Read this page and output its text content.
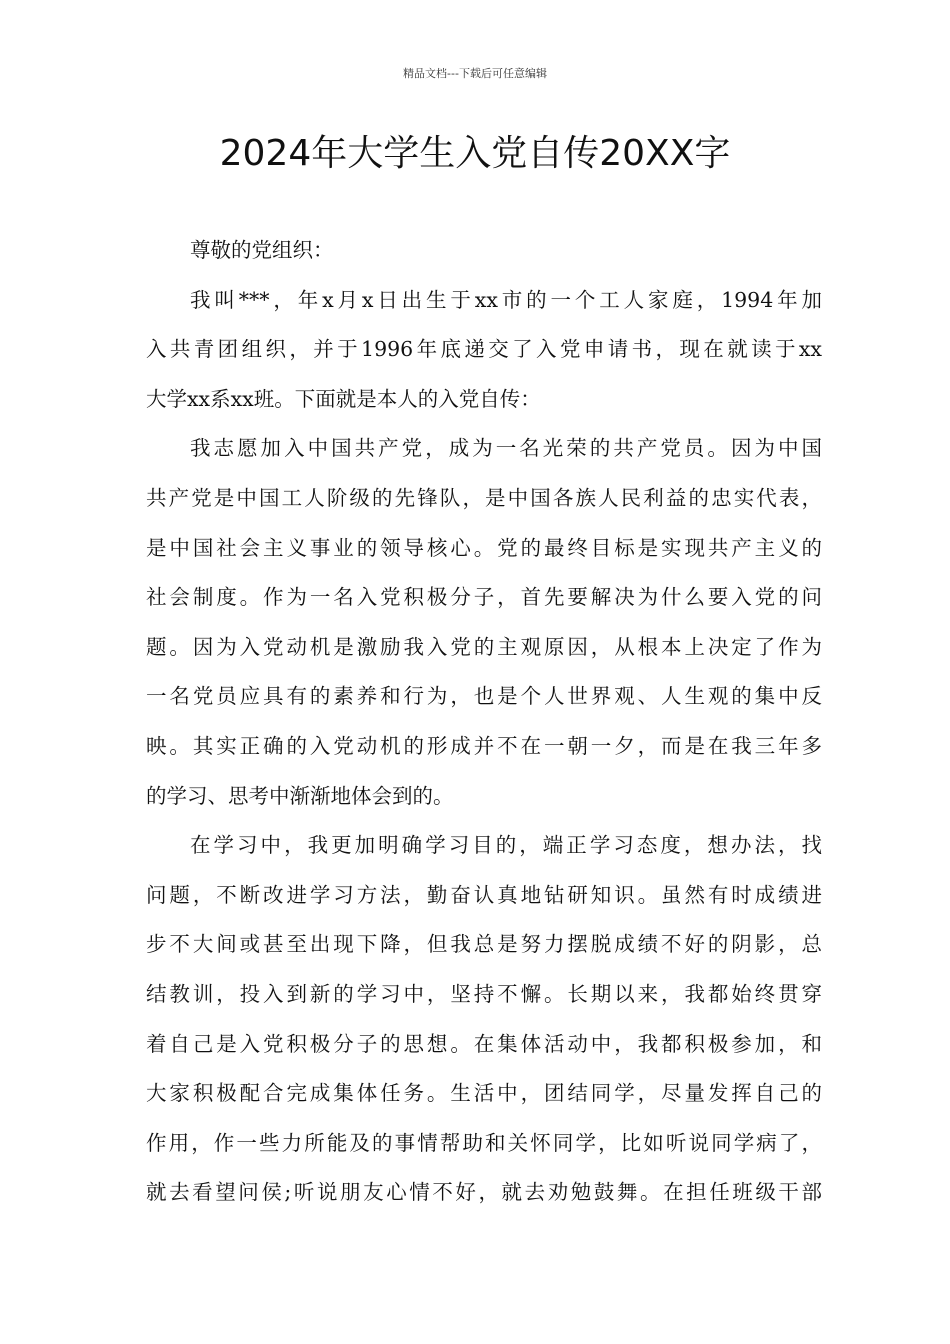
精品文档---下载后可任意编辑
2024年大学生入党自传20XX字
尊敬的党组织：
我叫***，年x月x日出生于xx市的一个工人家庭，1994年加
入共青团组织，并于1996年底递交了入党申请书，现在就读于xx
大学xx系xx班。下面就是本人的入党自传：
我志愿加入中国共产党，成为一名光荣的共产党员。因为中国
共产党是中国工人阶级的先锋队，是中国各族人民利益的忠实代表，
是中国社会主义事业的领导核心。党的最终目标是实现共产主义的
社会制度。作为一名入党积极分子，首先要解决为什么要入党的问
题。因为入党动机是激励我入党的主观原因，从根本上决定了作为
一名党员应具有的素养和行为，也是个人世界观、人生观的集中反
映。其实正确的入党动机的形成并不在一朝一夕，而是在我三年多
的学习、思考中渐渐地体会到的。
在学习中，我更加明确学习目的，端正学习态度，想办法，找
问题，不断改进学习方法，勤奋认真地钻研知识。虽然有时成绩进
步不大间或甚至出现下降，但我总是努力摆脱成绩不好的阴影，总
结教训，投入到新的学习中，坚持不懈。长期以来，我都始终贯穿
着自己是入党积极分子的思想。在集体活动中，我都积极参加，和
大家积极配合完成集体任务。生活中，团结同学，尽量发挥自己的
作用，作一些力所能及的事情帮助和关怀同学，比如听说同学病了，
就去看望问侯;听说朋友心情不好，就去劝勉鼓舞。在担任班级干部
